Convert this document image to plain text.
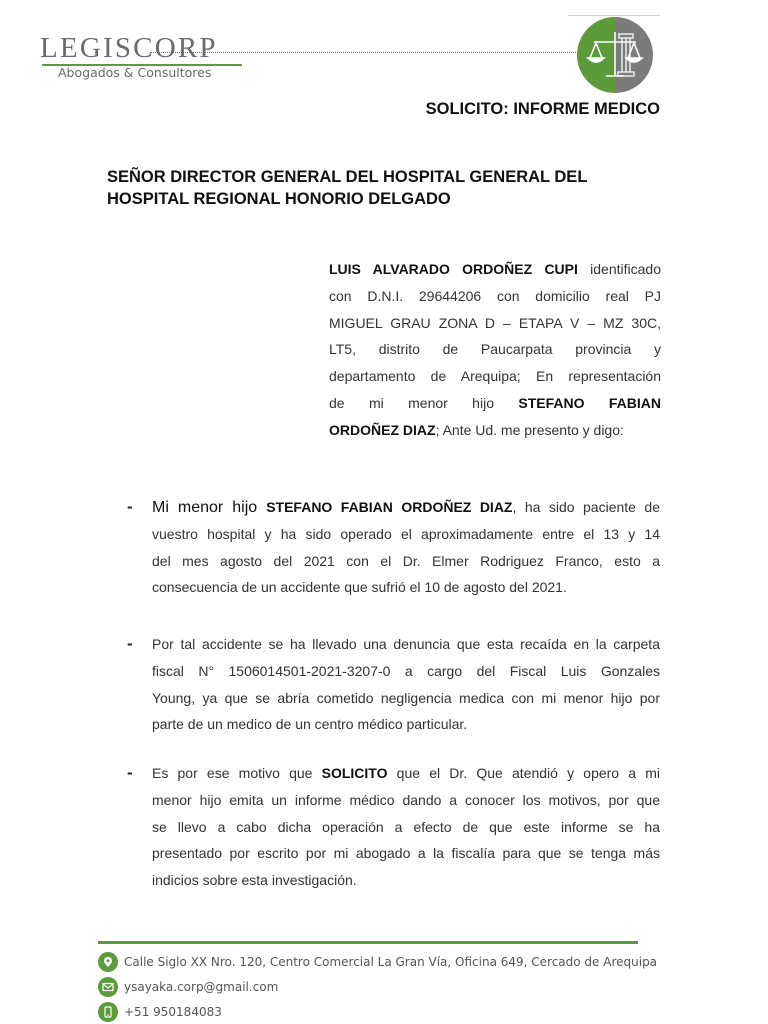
LEGISCORP
Abogados & Consultores
SOLICITO: INFORME MEDICO
SEÑOR DIRECTOR GENERAL DEL HOSPITAL GENERAL DEL
HOSPITAL REGIONAL HONORIO DELGADO
LUIS ALVARADO ORDOÑEZ CUPI identificado
con D.N.I. 29644206 con domicilio real PJ
MIGUEL GRAU ZONA D – ETAPA V – MZ 30C,
LT5, distrito de Paucarpata provincia y
departamento de Arequipa; En representación
de mi menor hijo STEFANO FABIAN
ORDOÑEZ DIAZ; Ante Ud. me presento y digo:
- Mi menor hijo STEFANO FABIAN ORDOÑEZ DIAZ, ha sido paciente de
vuestro hospital y ha sido operado el aproximadamente entre el 13 y 14
del mes agosto del 2021 con el Dr. Elmer Rodriguez Franco, esto a
consecuencia de un accidente que sufrió el 10 de agosto del 2021.
- Por tal accidente se ha llevado una denuncia que esta recaída en la carpeta
fiscal N° 1506014501-2021-3207-0 a cargo del Fiscal Luis Gonzales
Young, ya que se abría cometido negligencia medica con mi menor hijo por
parte de un medico de un centro médico particular.
- Es por ese motivo que SOLICITO que el Dr. Que atendió y opero a mi
menor hijo emita un informe médico dando a conocer los motivos, por que
se llevo a cabo dicha operación a efecto de que este informe se ha
presentado por escrito por mi abogado a la fiscalía para que se tenga más
indicios sobre esta investigación.
Calle Siglo XX Nro. 120, Centro Comercial La Gran Vía, Oficina 649, Cercado de Arequipa
ysayaka.corp@gmail.com
+51 950184083
